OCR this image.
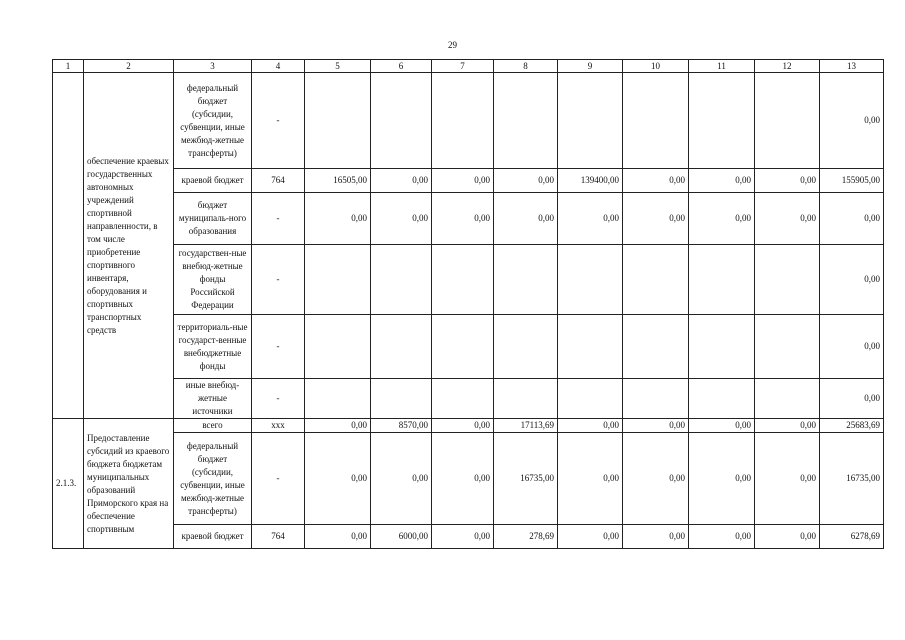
29
1	2	3	4	5	6	7	8	9	10	11	12	13
	обеспечение краевых государственных автономных учреждений спортивной направленности, в том числе приобретение спортивного инвентаря, оборудования и спортивных транспортных средств	федеральный бюджет (субсидии, субвенции, иные межбюд-жетные трансферты)	-									0,00
		краевой бюджет	764	16505,00	0,00	0,00	0,00	139400,00	0,00	0,00	0,00	155905,00
		бюджет муниципаль-ного образования	-	0,00	0,00	0,00	0,00	0,00	0,00	0,00	0,00	0,00
		государствен-ные внебюд-жетные фонды Российской Федерации	-									0,00
		территориаль-ные государст-венные внебюджетные фонды	-									0,00
		иные внебюд-жетные источники	-									0,00
2.1.3.	Предоставление субсидий из краевого бюджета бюджетам муниципальных образований Приморского края на обеспечение спортивным	всего	ххх	0,00	8570,00	0,00	17113,69	0,00	0,00	0,00	0,00	25683,69
		федеральный бюджет (субсидии, субвенции, иные межбюд-жетные трансферты)	-	0,00	0,00	0,00	16735,00	0,00	0,00	0,00	0,00	16735,00
		краевой бюджет	764	0,00	6000,00	0,00	278,69	0,00	0,00	0,00	0,00	6278,69
